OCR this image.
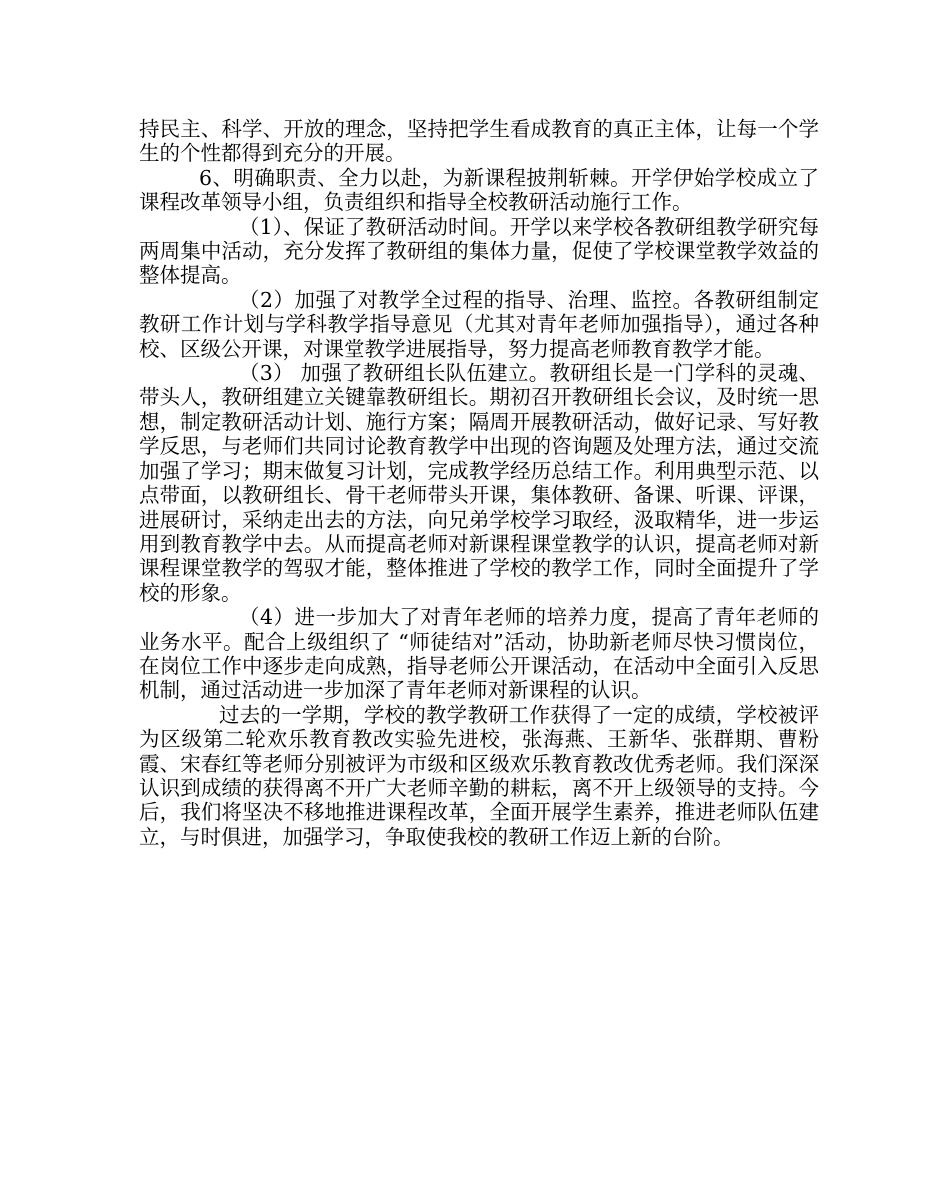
持民主、科学、开放的理念，坚持把学生看成教育的真正主体，让每一个学生的个性都得到充分的开展。

6、明确职责、全力以赴，为新课程披荆斩棘。开学伊始学校成立了课程改革领导小组，负责组织和指导全校教研活动施行工作。

（1）、保证了教研活动时间。开学以来学校各教研组教学研究每两周集中活动，充分发挥了教研组的集体力量，促使了学校课堂教学效益的整体提高。

（2）加强了对教学全过程的指导、治理、监控。各教研组制定教研工作计划与学科教学指导意见（尤其对青年老师加强指导），通过各种校、区级公开课，对课堂教学进展指导，努力提高老师教育教学才能。

（3） 加强了教研组长队伍建立。教研组长是一门学科的灵魂、带头人，教研组建立关键靠教研组长。期初召开教研组长会议，及时统一思想，制定教研活动计划、施行方案；隔周开展教研活动，做好记录、写好教学反思，与老师们共同讨论教育教学中出现的咨询题及处理方法，通过交流加强了学习；期末做复习计划，完成教学经历总结工作。利用典型示范、以点带面，以教研组长、骨干老师带头开课，集体教研、备课、听课、评课，进展研讨，采纳走出去的方法，向兄弟学校学习取经，汲取精华，进一步运用到教育教学中去。从而提高老师对新课程课堂教学的认识，提高老师对新课程课堂教学的驾驭才能，整体推进了学校的教学工作，同时全面提升了学校的形象。

（4）进一步加大了对青年老师的培养力度，提高了青年老师的业务水平。配合上级组织了 “师徒结对”活动，协助新老师尽快习惯岗位，在岗位工作中逐步走向成熟，指导老师公开课活动，在活动中全面引入反思机制，通过活动进一步加深了青年老师对新课程的认识。

过去的一学期，学校的教学教研工作获得了一定的成绩，学校被评为区级第二轮欢乐教育教改实验先进校，张海燕、王新华、张群期、曹粉霞、宋春红等老师分别被评为市级和区级欢乐教育教改优秀老师。我们深深认识到成绩的获得离不开广大老师辛勤的耕耘，离不开上级领导的支持。今后，我们将坚决不移地推进课程改革，全面开展学生素养，推进老师队伍建立，与时俱进，加强学习，争取使我校的教研工作迈上新的台阶。
